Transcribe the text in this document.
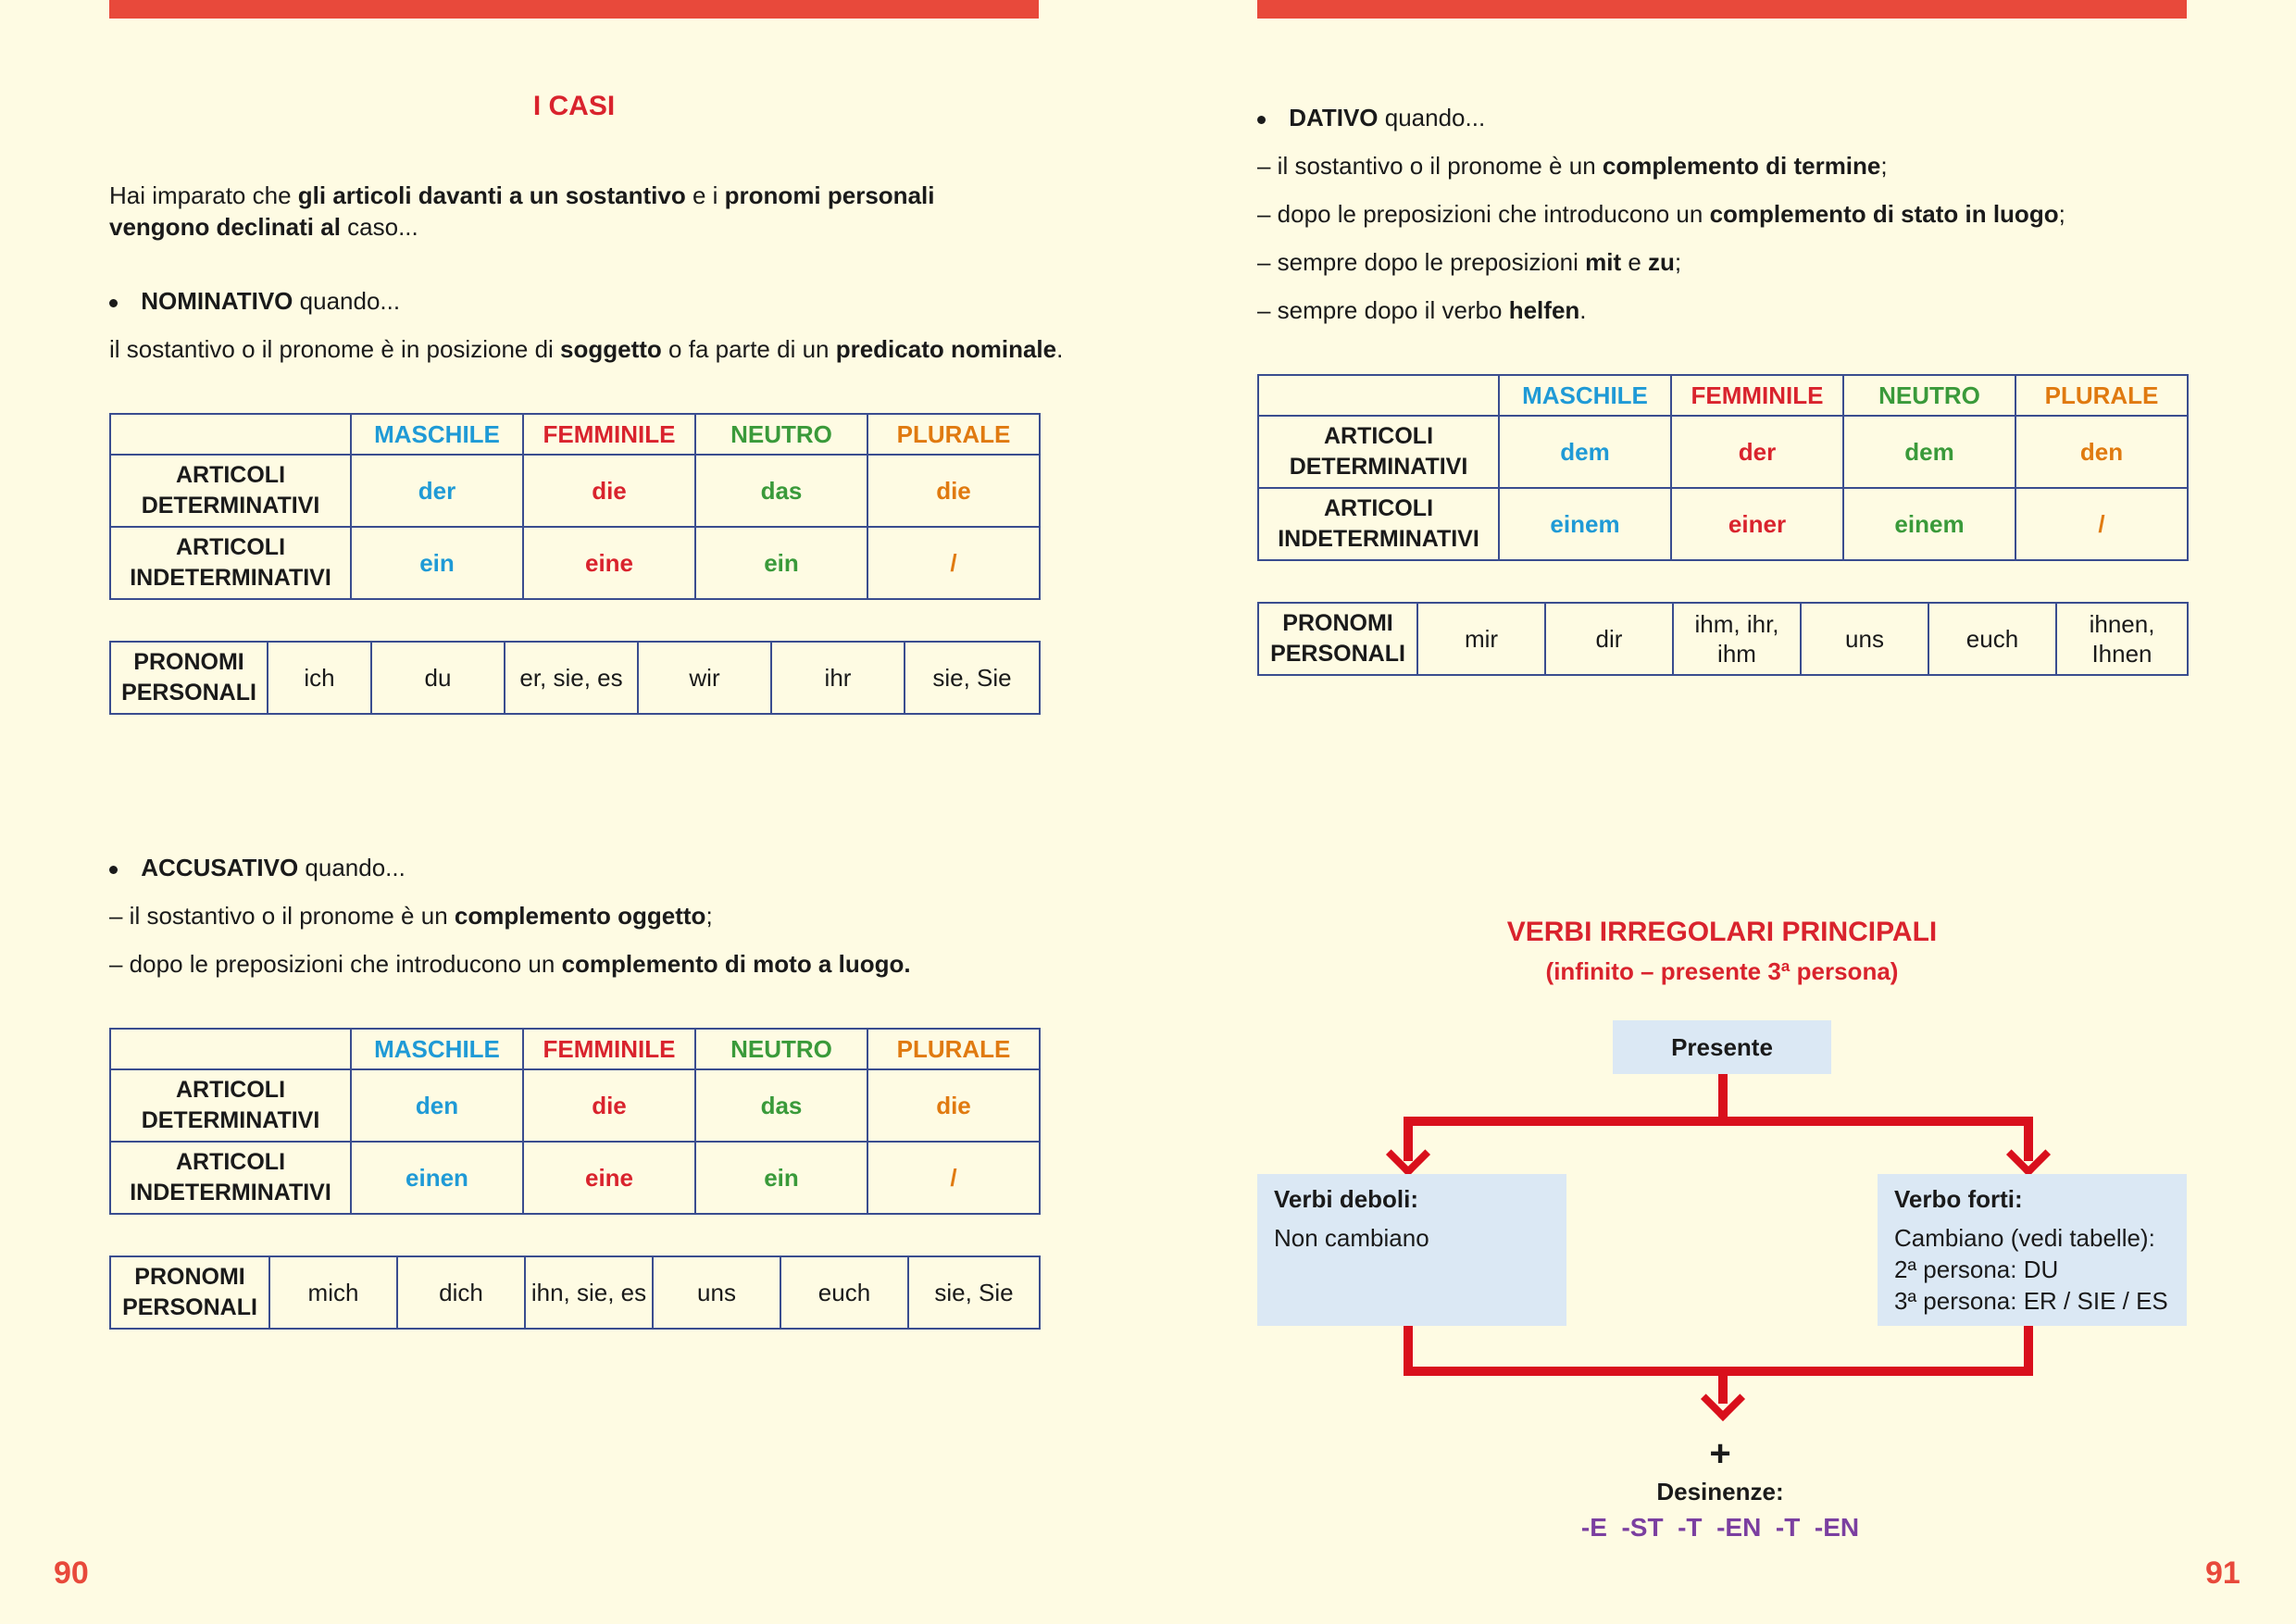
I CASI

Hai imparato che gli articoli davanti a un sostantivo e i pronomi personali vengono declinati al caso...

NOMINATIVO quando...

il sostantivo o il pronome è in posizione di soggetto o fa parte di un predicato nominale.

	MASCHILE	FEMMINILE	NEUTRO	PLURALE
ARTICOLI DETERMINATIVI	der	die	das	die
ARTICOLI INDETERMINATIVI	ein	eine	ein	/
PRONOMI PERSONALI	ich	du	er, sie, es	wir	ihr	sie, Sie

ACCUSATIVO quando...

– il sostantivo o il pronome è un complemento oggetto;

– dopo le preposizioni che introducono un complemento di moto a luogo.

	MASCHILE	FEMMINILE	NEUTRO	PLURALE
ARTICOLI DETERMINATIVI	den	die	das	die
ARTICOLI INDETERMINATIVI	einen	eine	ein	/
PRONOMI PERSONALI	mich	dich	ihn, sie, es	uns	euch	sie, Sie
90

DATIVO quando...

– il sostantivo o il pronome è un complemento di termine;

– dopo le preposizioni che introducono un complemento di stato in luogo;

– sempre dopo le preposizioni mit e zu;

– sempre dopo il verbo helfen.

	MASCHILE	FEMMINILE	NEUTRO	PLURALE
ARTICOLI DETERMINATIVI	dem	der	dem	den
ARTICOLI INDETERMINATIVI	einem	einer	einem	/
PRONOMI PERSONALI	mir	dir	ihm, ihr, ihm	uns	euch	ihnen, Ihnen
VERBI IRREGOLARI PRINCIPALI
(infinito – presente 3ª persona)
Presente
Verbi deboli:
Non cambiano
Verbo forti:
Cambiano (vedi tabelle):
2ª persona: DU
3ª persona: ER / SIE / ES
+
Desinenze:
-E  -ST  -T  -EN  -T  -EN
91
